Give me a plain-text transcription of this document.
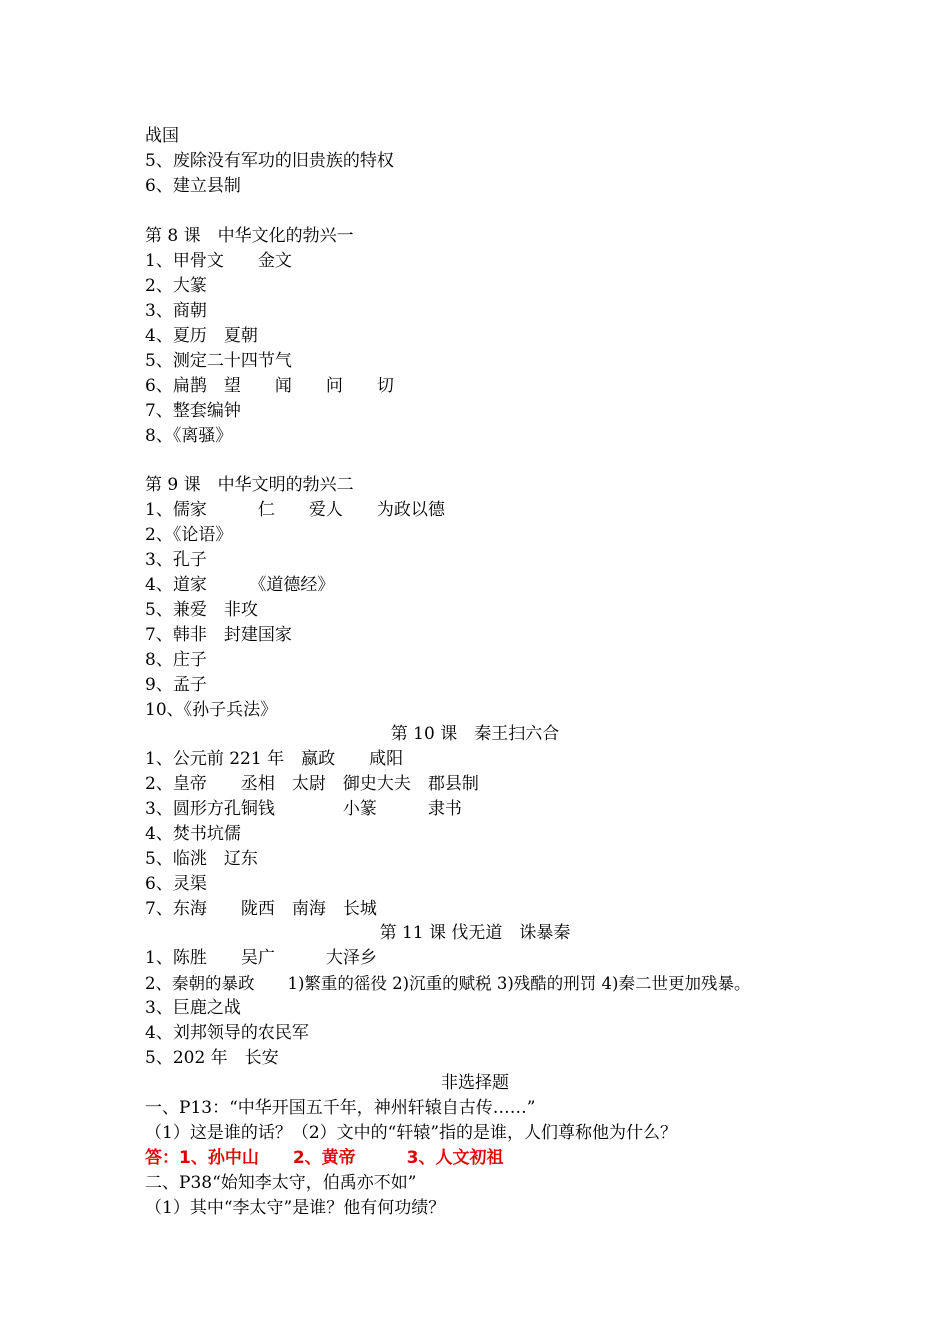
战国

5、废除没有军功的旧贵族的特权

6、建立县制

第 8 课　中华文化的勃兴一

1、甲骨文　　金文

2、大篆

3、商朝

4、夏历　夏朝

5、测定二十四节气

6、扁鹊　望　　闻　　问　　切

7、整套编钟

8、《离骚》

第 9 课　中华文明的勃兴二

1、儒家　　　仁　　爱人　　为政以德

2、《论语》

3、孔子

4、道家　　　《道德经》

5、兼爱　非攻

7、韩非　封建国家

8、庄子

9、孟子

10、《孙子兵法》

第 10 课　秦王扫六合

1、公元前 221 年　嬴政　　咸阳

2、皇帝　　丞相　太尉　御史大夫　郡县制

3、圆形方孔铜钱　　　　小篆　　　隶书

4、焚书坑儒

5、临洮　辽东

6、灵渠

7、东海　　陇西　南海　长城

第 11 课 伐无道　诛暴秦

1、陈胜　　吴广　　　大泽乡

2、秦朝的暴政　　1)繁重的徭役 2)沉重的赋税 3)残酷的刑罚 4)秦二世更加残暴。

3、巨鹿之战

4、刘邦领导的农民军

5、202 年　长安

非选择题

一、P13：“中华开国五千年，神州轩辕自古传……”

（1）这是谁的话？（2）文中的“轩辕”指的是谁，人们尊称他为什么？

答：1、孙中山　　2、黄帝　　　3、人文初祖

二、P38“始知李太守，伯禹亦不如”

（1）其中“李太守”是谁？他有何功绩？
